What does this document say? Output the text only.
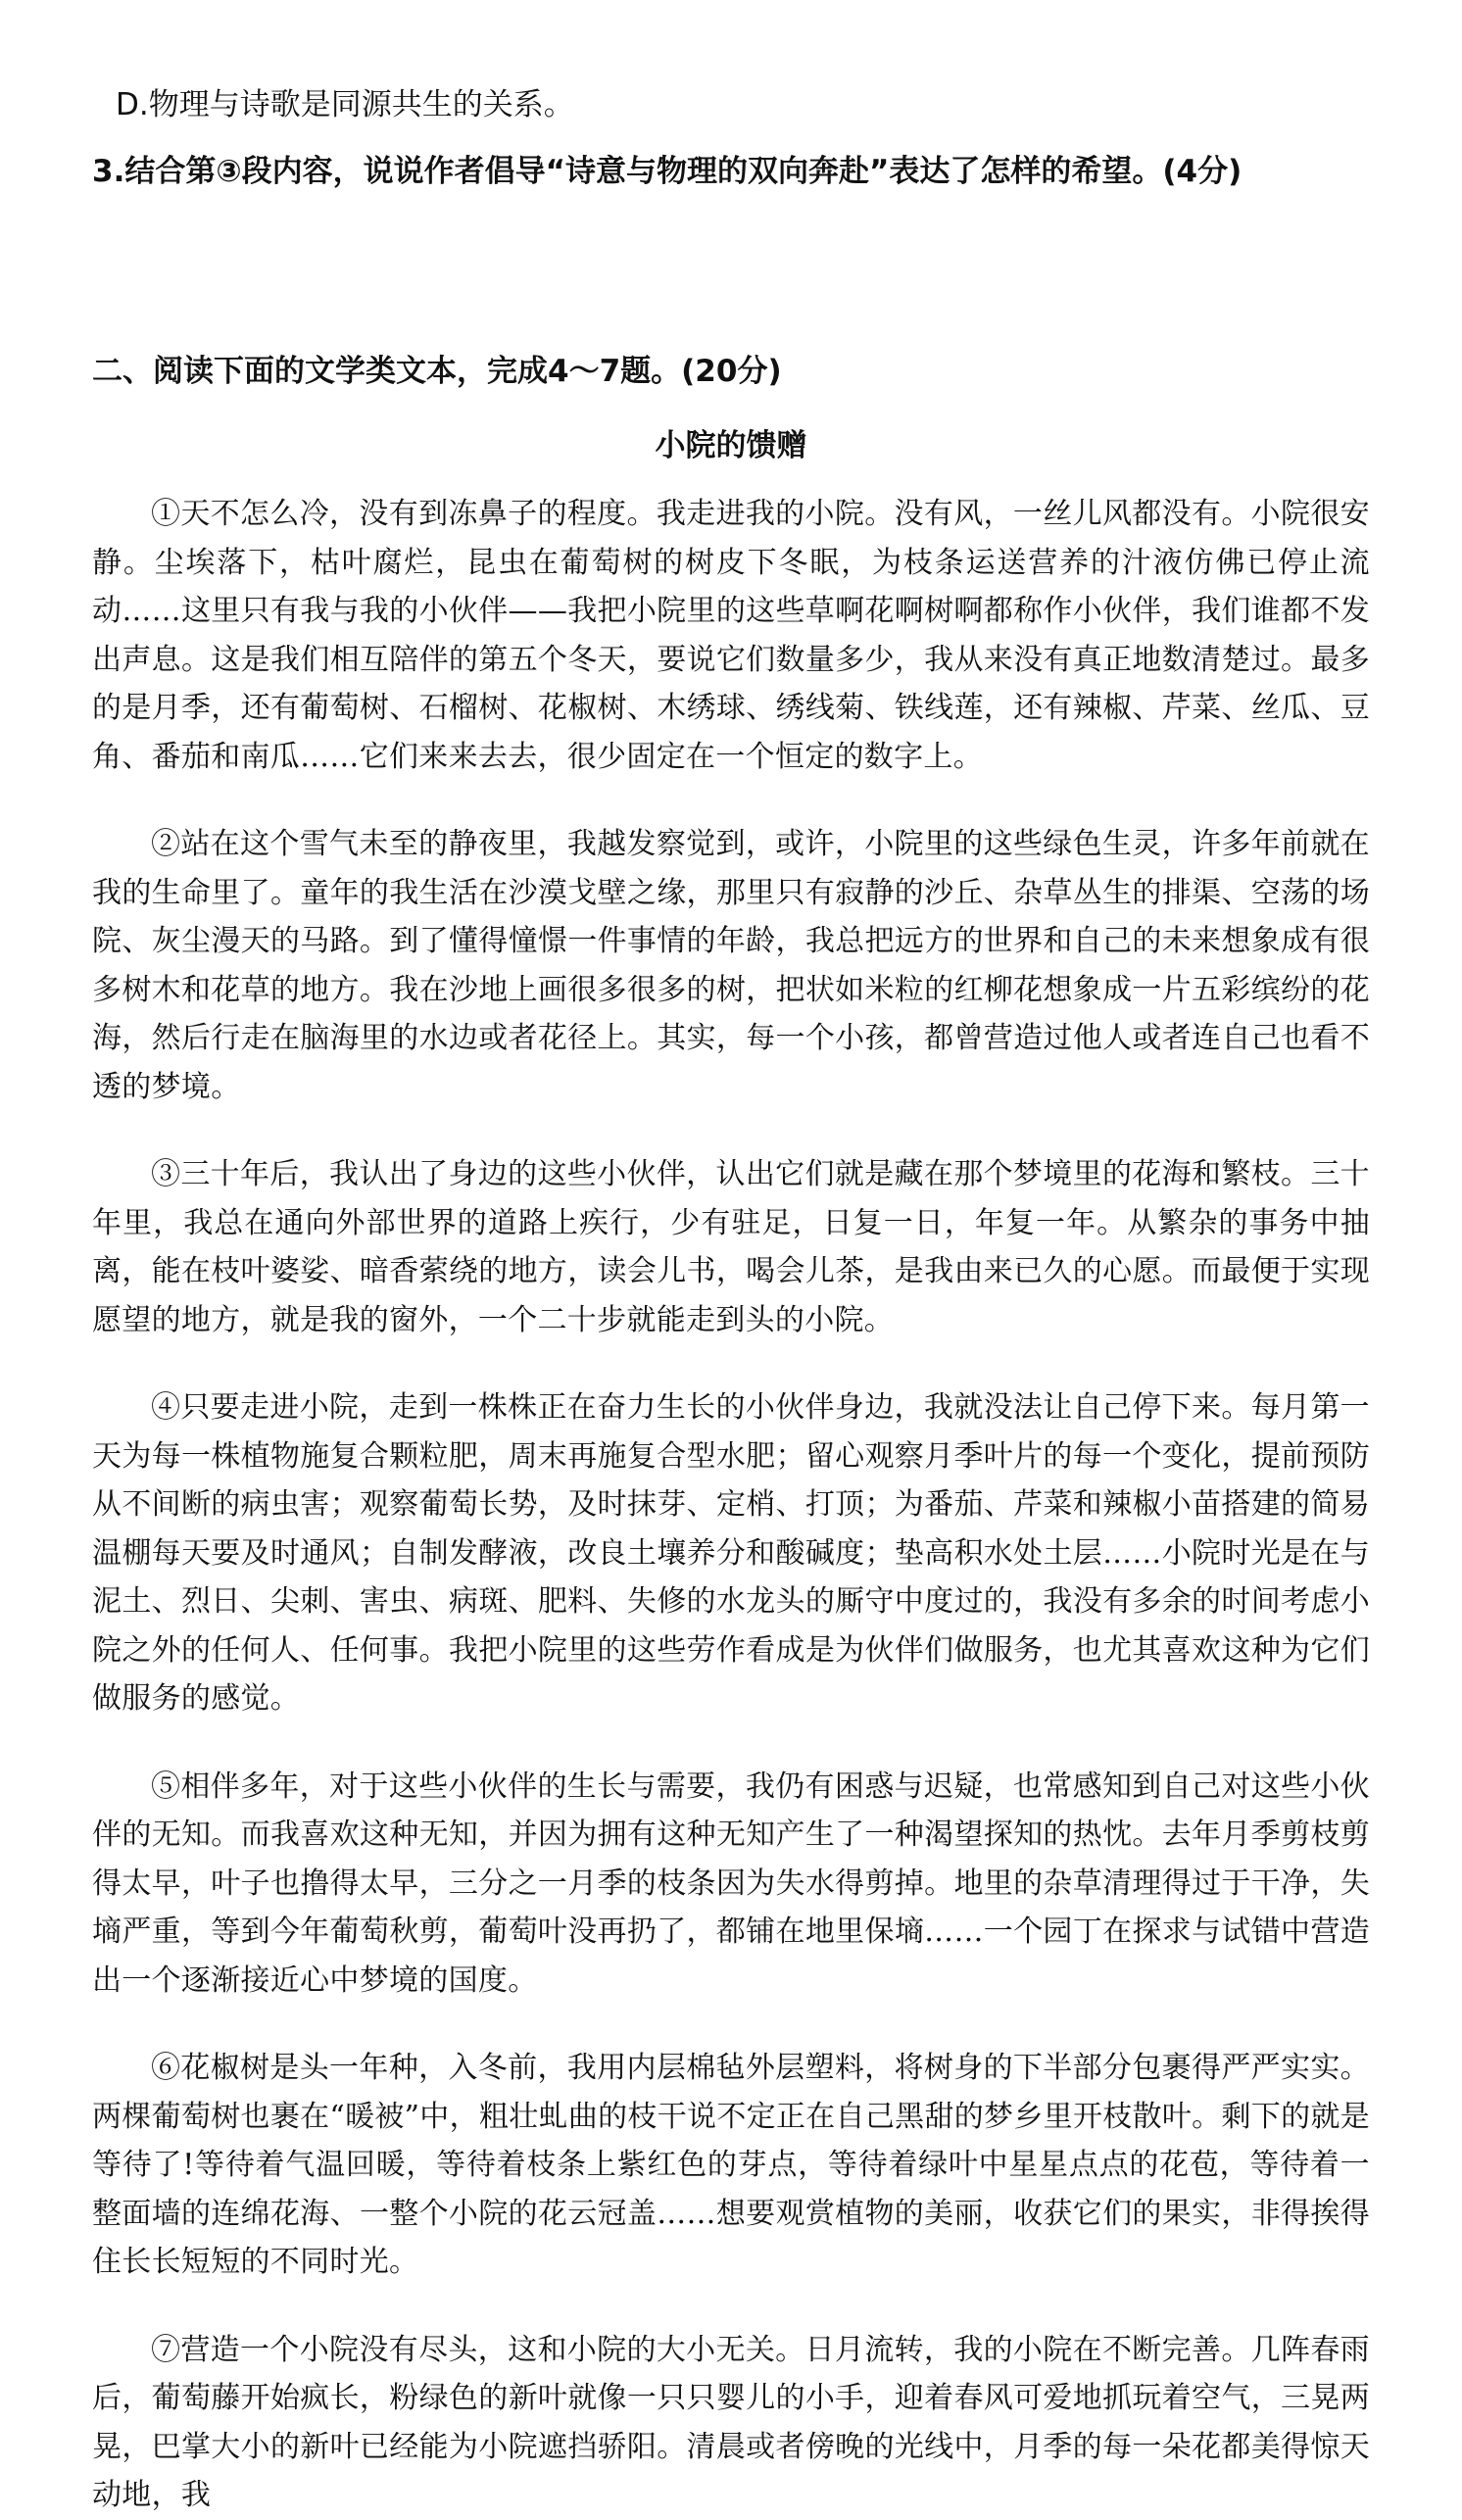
D.物理与诗歌是同源共生的关系。
3.结合第③段内容，说说作者倡导“诗意与物理的双向奔赴”表达了怎样的希望。(4分)
二、阅读下面的文学类文本，完成4～7题。(20分)
小院的馈赠

①天不怎么冷，没有到冻鼻子的程度。我走进我的小院。没有风，一丝儿风都没有。小院很安静。尘埃落下，枯叶腐烂，昆虫在葡萄树的树皮下冬眠，为枝条运送营养的汁液仿佛已停止流动……这里只有我与我的小伙伴——我把小院里的这些草啊花啊树啊都称作小伙伴，我们谁都不发出声息。这是我们相互陪伴的第五个冬天，要说它们数量多少，我从来没有真正地数清楚过。最多的是月季，还有葡萄树、石榴树、花椒树、木绣球、绣线菊、铁线莲，还有辣椒、芹菜、丝瓜、豆角、番茄和南瓜……它们来来去去，很少固定在一个恒定的数字上。

②站在这个雪气未至的静夜里，我越发察觉到，或许，小院里的这些绿色生灵，许多年前就在我的生命里了。童年的我生活在沙漠戈壁之缘，那里只有寂静的沙丘、杂草丛生的排渠、空荡的场院、灰尘漫天的马路。到了懂得憧憬一件事情的年龄，我总把远方的世界和自己的未来想象成有很多树木和花草的地方。我在沙地上画很多很多的树，把状如米粒的红柳花想象成一片五彩缤纷的花海，然后行走在脑海里的水边或者花径上。其实，每一个小孩，都曾营造过他人或者连自己也看不透的梦境。

③三十年后，我认出了身边的这些小伙伴，认出它们就是藏在那个梦境里的花海和繁枝。三十年里，我总在通向外部世界的道路上疾行，少有驻足，日复一日，年复一年。从繁杂的事务中抽离，能在枝叶婆娑、暗香萦绕的地方，读会儿书，喝会儿茶，是我由来已久的心愿。而最便于实现愿望的地方，就是我的窗外，一个二十步就能走到头的小院。

④只要走进小院，走到一株株正在奋力生长的小伙伴身边，我就没法让自己停下来。每月第一天为每一株植物施复合颗粒肥，周末再施复合型水肥；留心观察月季叶片的每一个变化，提前预防从不间断的病虫害；观察葡萄长势，及时抹芽、定梢、打顶；为番茄、芹菜和辣椒小苗搭建的简易温棚每天要及时通风；自制发酵液，改良土壤养分和酸碱度；垫高积水处土层……小院时光是在与泥土、烈日、尖刺、害虫、病斑、肥料、失修的水龙头的厮守中度过的，我没有多余的时间考虑小院之外的任何人、任何事。我把小院里的这些劳作看成是为伙伴们做服务，也尤其喜欢这种为它们做服务的感觉。

⑤相伴多年，对于这些小伙伴的生长与需要，我仍有困惑与迟疑，也常感知到自己对这些小伙伴的无知。而我喜欢这种无知，并因为拥有这种无知产生了一种渴望探知的热忱。去年月季剪枝剪得太早，叶子也撸得太早，三分之一月季的枝条因为失水得剪掉。地里的杂草清理得过于干净，失墒严重，等到今年葡萄秋剪，葡萄叶没再扔了，都铺在地里保墒……一个园丁在探求与试错中营造出一个逐渐接近心中梦境的国度。

⑥花椒树是头一年种，入冬前，我用内层棉毡外层塑料，将树身的下半部分包裹得严严实实。两棵葡萄树也裹在“暖被”中，粗壮虬曲的枝干说不定正在自己黑甜的梦乡里开枝散叶。剩下的就是等待了!等待着气温回暖，等待着枝条上紫红色的芽点，等待着绿叶中星星点点的花苞，等待着一整面墙的连绵花海、一整个小院的花云冠盖……想要观赏植物的美丽，收获它们的果实，非得挨得住长长短短的不同时光。

⑦营造一个小院没有尽头，这和小院的大小无关。日月流转，我的小院在不断完善。几阵春雨后，葡萄藤开始疯长，粉绿色的新叶就像一只只婴儿的小手，迎着春风可爱地抓玩着空气，三晃两晃，巴掌大小的新叶已经能为小院遮挡骄阳。清晨或者傍晚的光线中，月季的每一朵花都美得惊天动地，我
